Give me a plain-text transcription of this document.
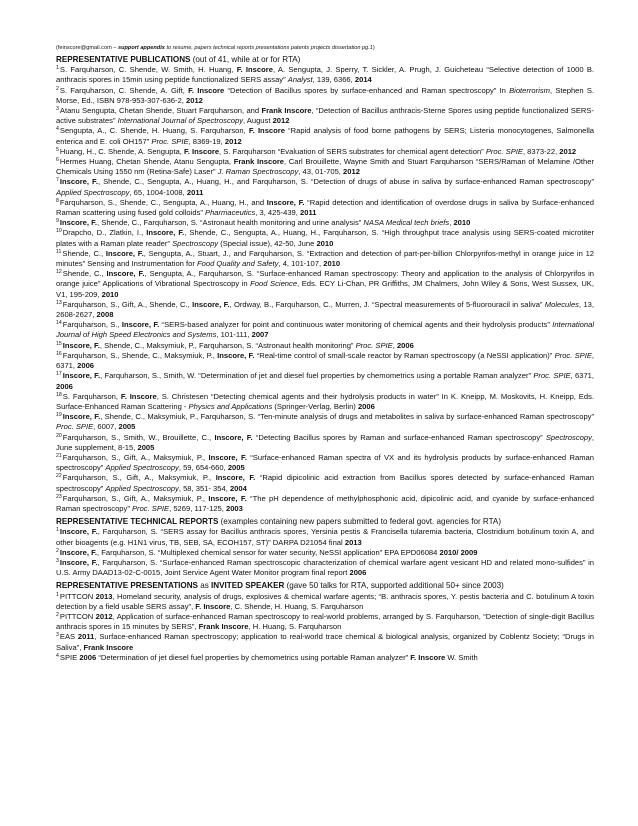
(feinscore@gmail.com – support appendix to resume, papers technical reports presentations patents projects dissertation pg.1)
REPRESENTATIVE PUBLICATIONS (out of 41, while at or for RTA)
$^1$S. Farquharson, C. Shende, W. Smith, H. Huang, F. Inscore, A. Sengupta, J. Sperry, T. Sickler, A. Prugh, J. Guicheteau “Selective detection of 1000 B. anthracis spores in 15min using peptide functionalized SERS assay” Analyst, 139, 6366, 2014
$^2$S. Farquharson, C. Shende, A. Gift, F. Inscore “Detection of Bacillus spores by surface-enhanced and Raman spectroscopy” In Bioterrorism, Stephen S. Morse, Ed., ISBN 978-953-307-636-2, 2012
$^3$Atanu Sengupta, Chetan Shende, Stuart Farquharson, and Frank Inscore, “Detection of Bacillus anthracis-Sterne Spores using peptide functionalized SERS-active substrates” International Journal of Spectroscopy, August 2012
$^4$Sengupta, A., C. Shende, H. Huang, S. Farquharson, F. Inscore “Rapid analysis of food borne pathogens by SERS; Listeria monocytogenes, Salmonella enterica and E. coli OH157” Proc. SPIE, 8369-19, 2012
$^5$Huang, H., C. Shende, A. Sengupta, F. Inscore, S. Farquharson “Evaluation of SERS substrates for chemical agent detection” Proc. SPIE, 8373-22, 2012
$^6$Hermes Huang, Chetan Shende, Atanu Sengupta, Frank Inscore, Carl Brouillette, Wayne Smith and Stuart Farquharson “SERS/Raman of Melamine /Other Chemicals Using 1550 nm (Retina-Safe) Laser” J. Raman Spectroscopy, 43, 01-705, 2012
$^7$Inscore, F., Shende, C., Sengupta, A., Huang, H., and Farquharson, S. “Detection of drugs of abuse in saliva by surface-enhanced Raman spectroscopy” Applied Spectroscopy, 65, 1004-1008, 2011
$^8$Farquharson, S., Shende, C., Sengupta, A., Huang, H., and Inscore, F. “Rapid detection and identification of overdose drugs in saliva by Surface-enhanced Raman scattering using fused gold colloids” Pharmaceutics, 3, 425-439, 2011
$^9$Inscore, F., Shende, C., Farquharson, S. “Astronaut health monitoring and urine analysis” NASA Medical tech briefs, 2010
$^{10}$Drapcho, D., Zlatkin, I., Inscore, F., Shende, C., Sengupta, A., Huang, H., Farquharson, S. “High throughput trace analysis using SERS-coated microtiter plates with a Raman plate reader” Spectroscopy (Special issue), 42-50, June 2010
$^{11}$Shende, C., Inscore, F., Sengupta, A., Stuart, J., and Farquharson, S. “Extraction and detection of part-per-billion Chlorpyrifos-methyl in orange juice in 12 minutes” Sensing and Instrumentation for Food Quality and Safety, 4, 101-107, 2010
$^{12}$Shende, C., Inscore, F., Sengupta, A., Farquharson, S. “Surface-enhanced Raman spectroscopy: Theory and application to the analysis of Chlorpyrifos in orange juice” Applications of Vibrational Spectroscopy in Food Science, Eds. ECY Li-Chan, PR Griffiths, JM Chalmers, John Wiley & Sons, West Sussex, UK, V1, 195-209, 2010
$^{13}$Farquharson, S., Gift, A., Shende, C., Inscore, F., Ordway, B., Farquharson, C., Murren, J. “Spectral measurements of 5-fluorouracil in saliva” Molecules, 13, 2608-2627, 2008
$^{14}$Farquharson, S., Inscore, F. “SERS-based analyzer for point and continuous water monitoring of chemical agents and their hydrolysis products” International Journal of High Speed Electronics and Systems, 101-111, 2007
$^{15}$Inscore, F., Shende, C., Maksymiuk, P., Farquharson, S. “Astronaut health monitoring” Proc. SPIE, 2006
$^{16}$Farquharson, S., Shende, C., Maksymiuk, P., Inscore, F. “Real-time control of small-scale reactor by Raman spectroscopy (a NeSSI application)” Proc. SPIE, 6371, 2006
$^{17}$Inscore, F., Farquharson, S., Smith, W. “Determination of jet and diesel fuel properties by chemometrics using a portable Raman analyzer” Proc. SPIE, 6371, 2006
$^{18}$S. Farquharson, F. Inscore, S. Christesen “Detecting chemical agents and their hydrolysis products in water” In K. Kneipp, M. Moskovits, H. Kneipp, Eds. Surface-Enhanced Raman Scattering - Physics and Applications (Springer-Verlag, Berlin) 2006
$^{19}$Inscore, F., Shende, C., Maksymiuk, P., Farquharson, S. “Ten-minute analysis of drugs and metabolites in saliva by surface-enhanced Raman spectroscopy” Proc. SPIE, 6007, 2005
$^{20}$Farquharson, S., Smith, W., Brouillette, C., Inscore, F. “Detecting Bacillus spores by Raman and surface-enhanced Raman spectroscopy” Spectroscopy, June supplement, 8-15, 2005
$^{21}$Farquharson, S., Gift, A., Maksymiuk, P., Inscore, F. “Surface-enhanced Raman spectra of VX and its hydrolysis products by surface-enhanced Raman spectroscopy” Applied Spectroscopy, 59, 654-660, 2005
$^{22}$Farquharson, S., Gift, A., Maksymiuk, P., Inscore, F. “Rapid dipicolinic acid extraction from Bacillus spores detected by surface-enhanced Raman spectroscopy” Applied Spectroscopy, 58, 351- 354, 2004
$^{23}$Farquharson, S., Gift, A., Maksymiuk, P., Inscore, F. “The pH dependence of methylphosphonic acid, dipicolinic acid, and cyanide by surface-enhanced Raman spectroscopy” Proc. SPIE, 5269, 117-125, 2003
REPRESENTATIVE TECHNICAL REPORTS (examples containing new papers submitted to federal govt. agencies for RTA)
$^1$Inscore, F., Farquharson, S. “SERS assay for Bacillus anthracis spores, Yersinia pestis & Francisella tularemia bacteria, Clostridium botulinum toxin A, and other bioagents (e.g. H1N1 virus, TB, SEB, SA, ECOH157, ST)” DARPA D21054 final 2013
$^2$Inscore, F., Farquharson, S. “Multiplexed chemical sensor for water security, NeSSI application” EPA EPD06084 2010/ 2009
$^3$Inscore, F., Farquharson, S. “Surface-enhanced Raman spectroscopic characterization of chemical warfare agent vesicant HD and related mono-sulfides” in U.S. Army DAAD13-02-C-0015, Joint Service Agent Water Monitor program final report 2006
REPRESENTATIVE PRESENTATIONS as INVITED SPEAKER (gave 50 talks for RTA, supported additional 50+ since 2003)
$^1$PITTCON 2013, Homeland security, analysis of drugs, explosives & chemical warfare agents; “B. anthracis spores, Y. pestis bacteria and C. botulinum A toxin detection by a field usable SERS assay”, F. Inscore, C. Shende, H. Huang, S. Farquharson
$^2$PITTCON 2012, Application of surface-enhanced Raman spectroscopy to real-world problems, arranged by S. Farquharson, “Detection of single-digit Bacillus anthracis spores in 15 minutes by SERS”, Frank Inscore, H. Huang, S. Farquharson
$^3$EAS 2011, Surface-enhanced Raman spectroscopy; application to real-world trace chemical & biological analysis, organized by Coblentz Society; “Drugs in Saliva”, Frank Inscore
$^4$SPIE 2006 “Determination of jet diesel fuel properties by chemometrics using portable Raman analyzer” F. Inscore W. Smith
